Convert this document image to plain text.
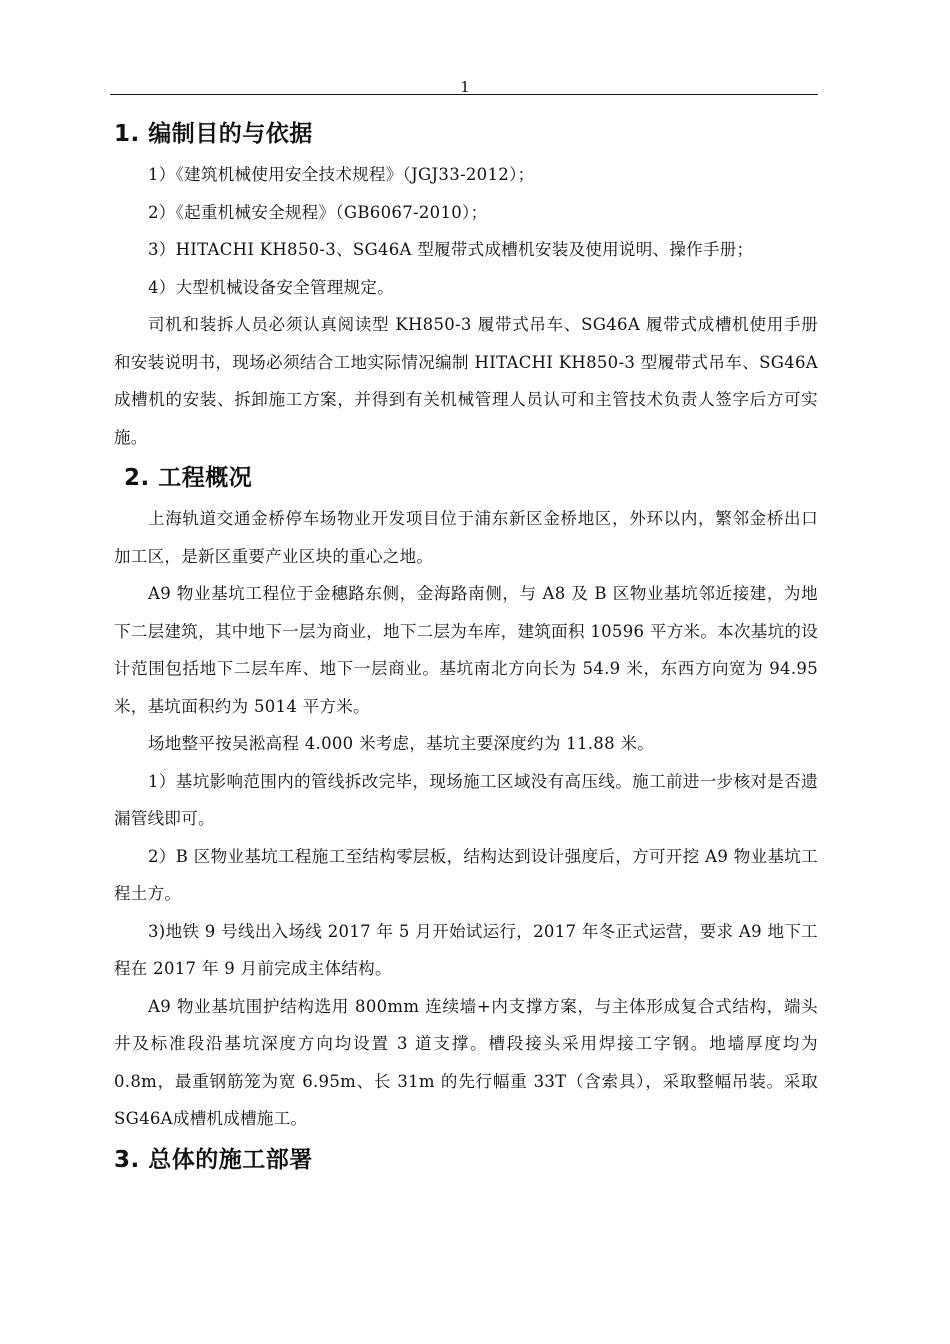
1
1. 编制目的与依据

1）《建筑机械使用安全技术规程》（JGJ33-2012）；

2）《起重机械安全规程》（GB6067-2010）；

3）HITACHI KH850-3、SG46A 型履带式成槽机安装及使用说明、操作手册；

4）大型机械设备安全管理规定。

司机和装拆人员必须认真阅读型 KH850-3 履带式吊车、SG46A 履带式成槽机使用手册和安装说明书，现场必须结合工地实际情况编制 HITACHI KH850-3 型履带式吊车、SG46A 成槽机的安装、拆卸施工方案，并得到有关机械管理人员认可和主管技术负责人签字后方可实施。

2. 工程概况

上海轨道交通金桥停车场物业开发项目位于浦东新区金桥地区，外环以内，繁邻金桥出口加工区，是新区重要产业区块的重心之地。

A9 物业基坑工程位于金穗路东侧，金海路南侧，与 A8 及 B 区物业基坑邻近接建，为地下二层建筑，其中地下一层为商业，地下二层为车库，建筑面积 10596 平方米。本次基坑的设计范围包括地下二层车库、地下一层商业。基坑南北方向长为 54.9 米，东西方向宽为 94.95 米，基坑面积约为 5014 平方米。

场地整平按吴淞高程 4.000 米考虑，基坑主要深度约为 11.88 米。

1）基坑影响范围内的管线拆改完毕，现场施工区域没有高压线。施工前进一步核对是否遗漏管线即可。

2）B 区物业基坑工程施工至结构零层板，结构达到设计强度后，方可开挖 A9 物业基坑工程土方。

3)地铁 9 号线出入场线 2017 年 5 月开始试运行，2017 年冬正式运营，要求 A9 地下工程在 2017 年 9 月前完成主体结构。

A9 物业基坑围护结构选用 800mm 连续墙+内支撑方案，与主体形成复合式结构，端头井及标准段沿基坑深度方向均设置 3 道支撑。槽段接头采用焊接工字钢。地墙厚度均为 0.8m，最重钢筋笼为宽 6.95m、长 31m 的先行幅重 33T（含索具），采取整幅吊装。采取SG46A成槽机成槽施工。

3. 总体的施工部署
